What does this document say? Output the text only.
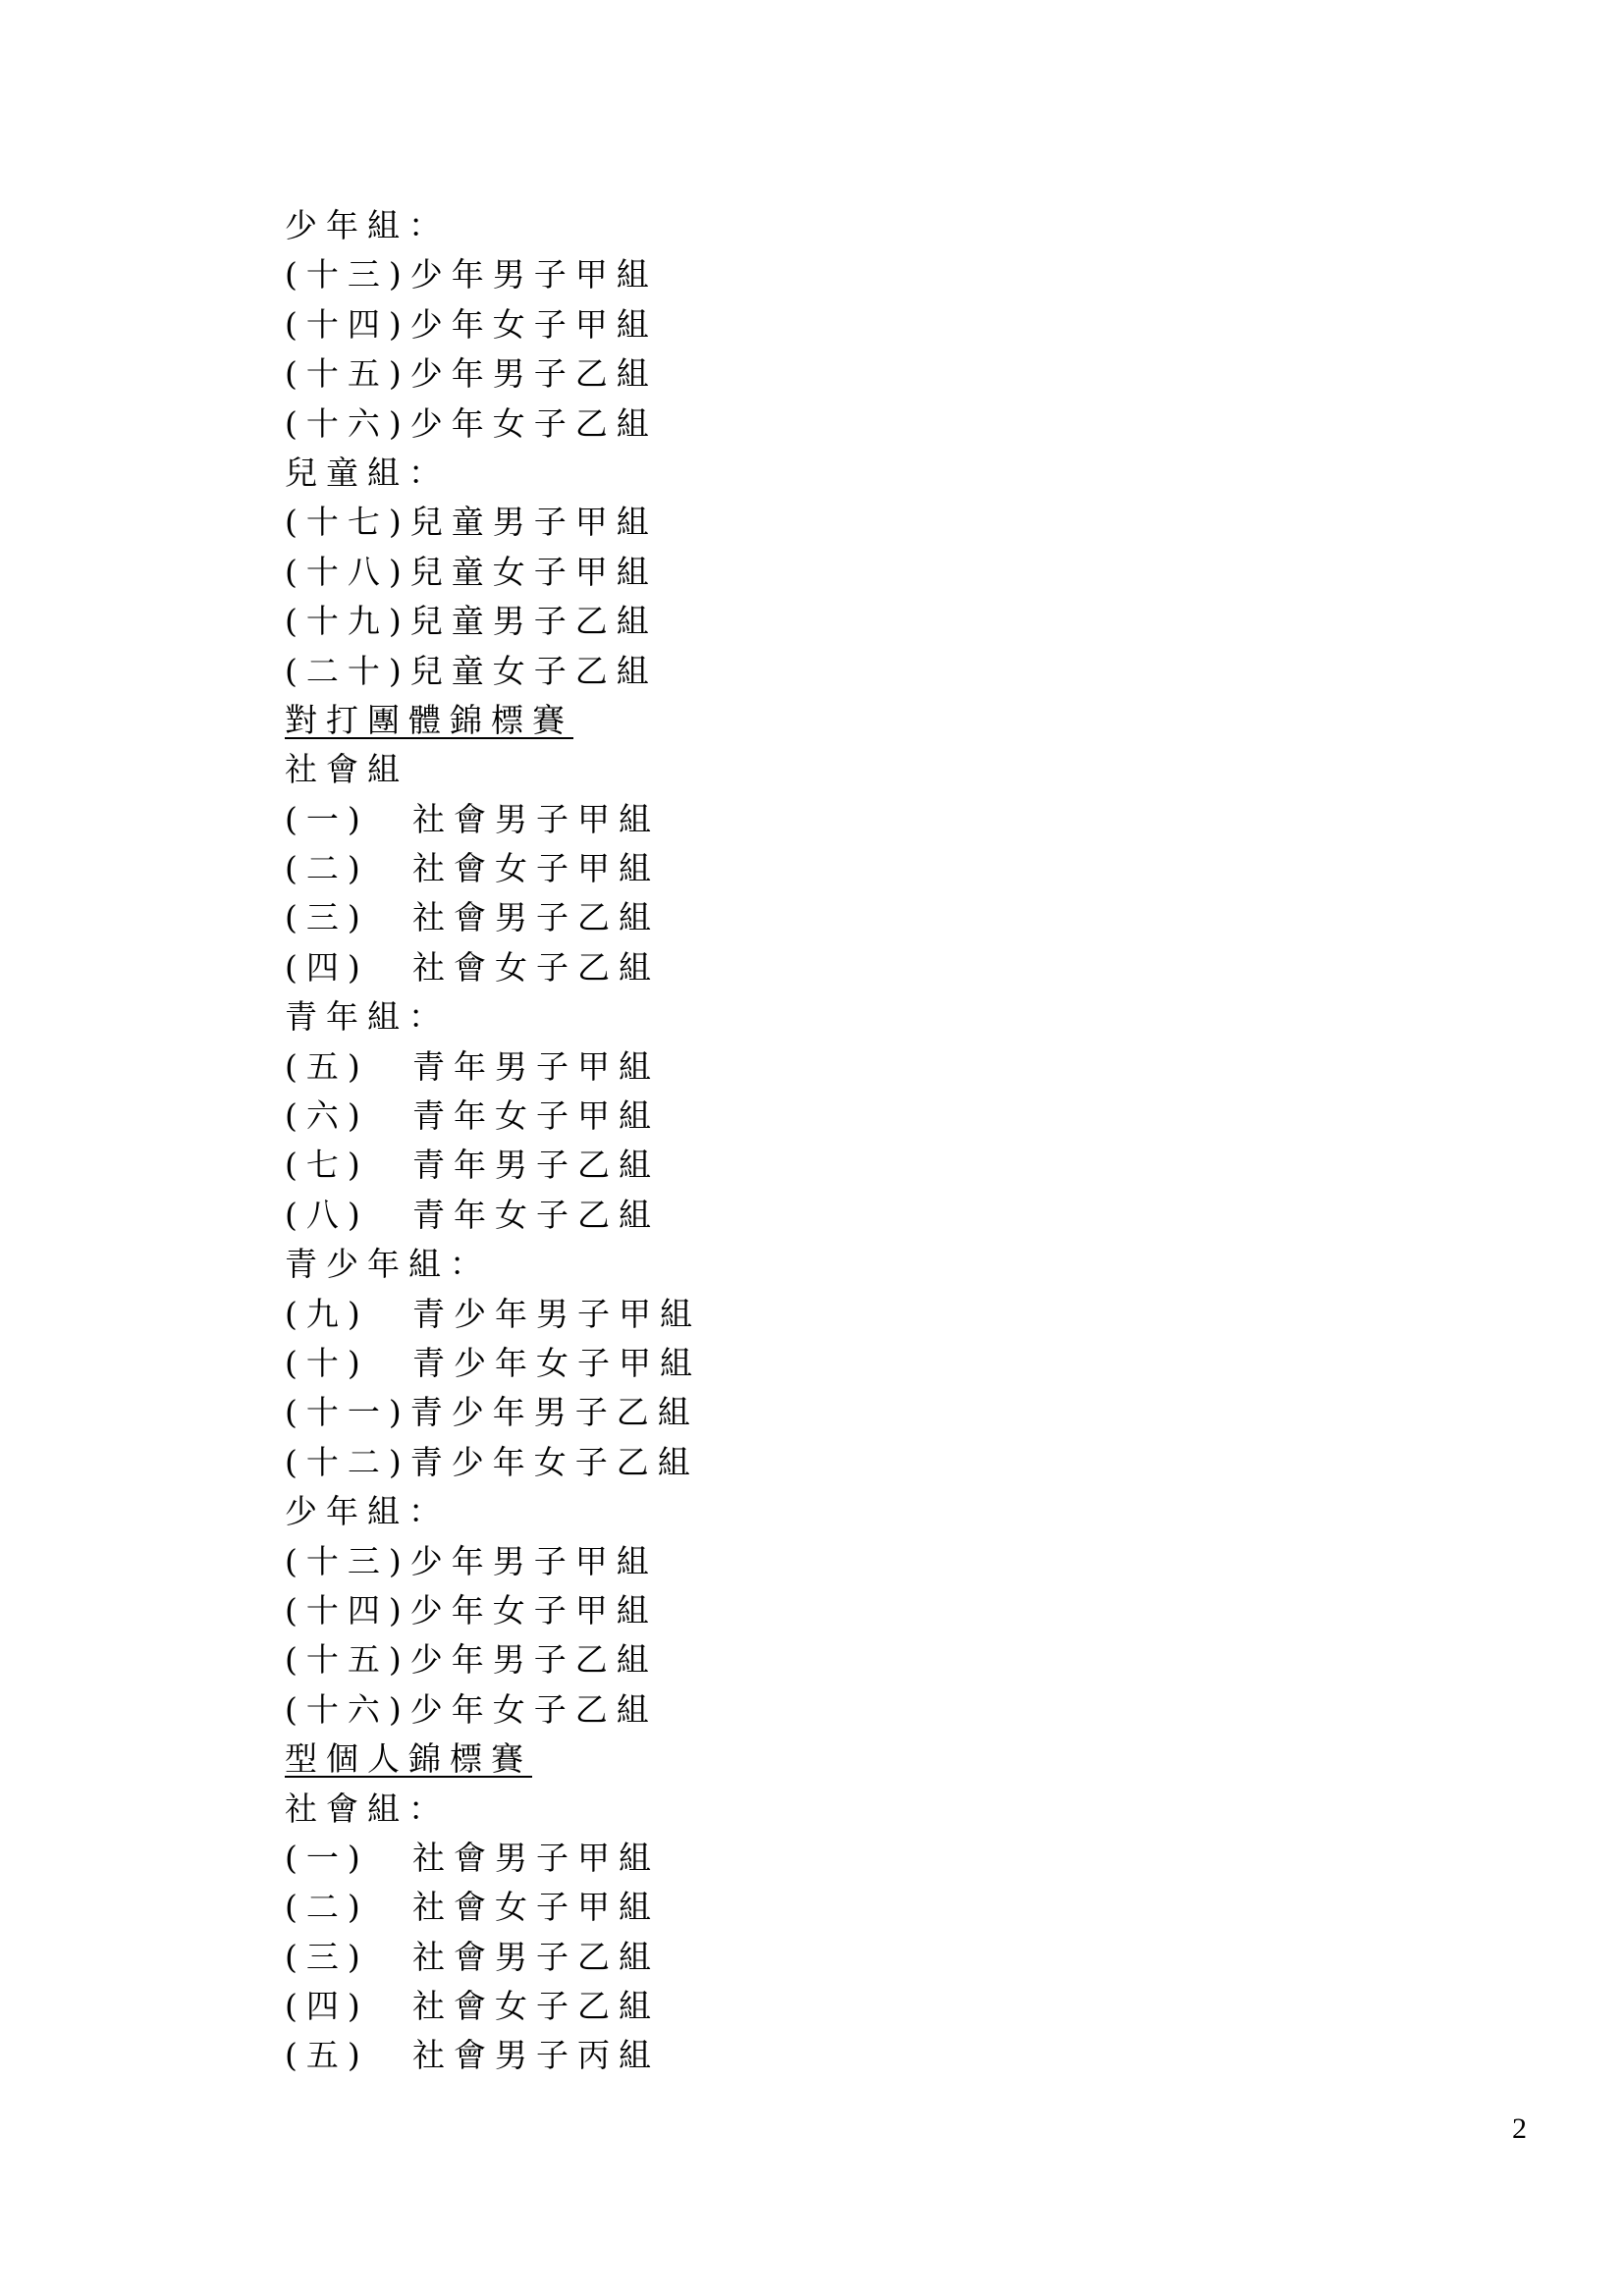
少年組：
(十三) 少年男子甲組
(十四) 少年女子甲組
(十五) 少年男子乙組
(十六) 少年女子乙組
兒童組：
(十七) 兒童男子甲組
(十八) 兒童女子甲組
(十九) 兒童男子乙組
(二十) 兒童女子乙組
對打團體錦標賽
社會組
(一)	社會男子甲組
(二)	社會女子甲組
(三)	社會男子乙組
(四)	社會女子乙組
青年組：
(五)	青年男子甲組
(六)	青年女子甲組
(七)	青年男子乙組
(八)	青年女子乙組
青少年組：
(九)	青少年男子甲組
(十)	青少年女子甲組
(十一) 青少年男子乙組
(十二) 青少年女子乙組
少年組：
(十三) 少年男子甲組
(十四) 少年女子甲組
(十五) 少年男子乙組
(十六) 少年女子乙組
型個人錦標賽
社會組：
(一)	社會男子甲組
(二)	社會女子甲組
(三)	社會男子乙組
(四)	社會女子乙組
(五)	社會男子丙組
2
